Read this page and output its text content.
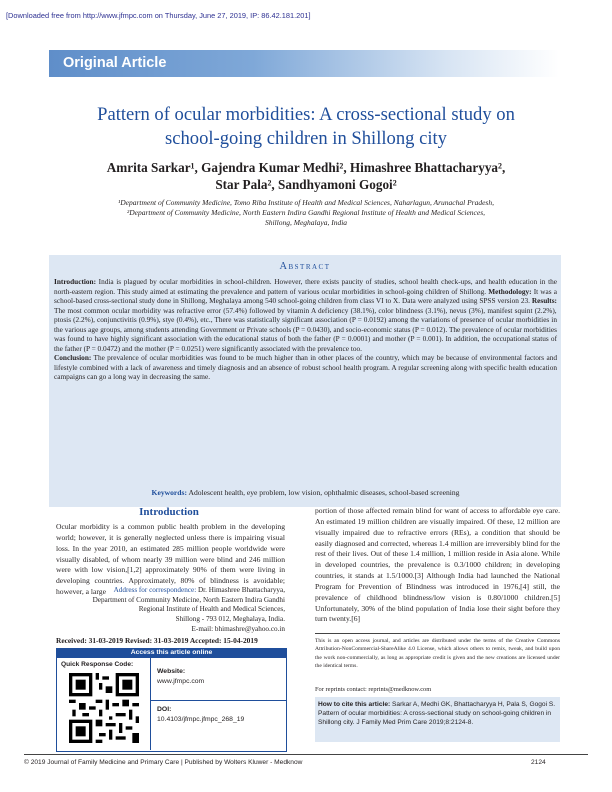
[Downloaded free from http://www.jfmpc.com on Thursday, June 27, 2019, IP: 86.42.181.201]
Original Article
Pattern of ocular morbidities: A cross-sectional study on
school-going children in Shillong city
Amrita Sarkar¹, Gajendra Kumar Medhi², Himashree Bhattacharyya²,
Star Pala², Sandhyamoni Gogoi²
¹Department of Community Medicine, Tomo Riba Institute of Health and Medical Sciences, Naharlagun, Arunachal Pradesh,
²Department of Community Medicine, North Eastern Indira Gandhi Regional Institute of Health and Medical Sciences,
Shillong, Meghalaya, India
Abstract
Introduction: India is plagued by ocular morbidities in school-children. However, there exists paucity of studies, school health check-ups, and health education in the north-eastern region. This study aimed at estimating the prevalence and pattern of various ocular morbidities in school-going children of Shillong. Methodology: It was a school-based cross-sectional study done in Shillong, Meghalaya among 540 school-going children from class VI to X. Data were analyzed using SPSS version 23. Results: The most common ocular morbidity was refractive error (57.4%) followed by vitamin A deficiency (38.1%), color blindness (3.1%), nevus (3%), manifest squint (2.2%), ptosis (2.2%), conjunctivitis (0.9%), stye (0.4%), etc., There was statistically significant association (P = 0.0192) among the variations of presence of ocular morbidities in the various age groups, among students attending Government or Private schools (P = 0.0430), and socio-economic status (P = 0.012). The prevalence of ocular morbidities was found to have highly significant association with the educational status of both the father (P = 0.0001) and mother (P = 0.001). In addition, the occupational status of the father (P = 0.0472) and the mother (P = 0.0251) were significantly associated with the prevalence too.
Conclusion: The prevalence of ocular morbidities was found to be much higher than in other places of the country, which may be because of environmental factors and lifestyle combined with a lack of awareness and timely diagnosis and an absence of robust school health program. A regular screening along with specific health education campaigns can go a long way in decreasing the same.
Keywords: Adolescent health, eye problem, low vision, ophthalmic diseases, school-based screening
Introduction
Ocular morbidity is a common public health problem in the developing world; however, it is generally neglected unless there is impairing visual loss. In the year 2010, an estimated 285 million people worldwide were visually disabled, of whom nearly 39 million were blind and 246 million were with low vision,[1,2] approximately 90% of them were living in developing countries. Approximately, 80% of blindness is avoidable; however, a large
portion of those affected remain blind for want of access to affordable eye care. An estimated 19 million children are visually impaired. Of these, 12 million are visually impaired due to refractive errors (REs), a condition that should be easily diagnosed and corrected, whereas 1.4 million are irreversibly blind for the rest of their lives. Out of these 1.4 million, 1 million reside in Asia alone. While in developed countries, the prevalence is 0.3/1000 children; in developing countries, it stands at 1.5/1000.[3] Although India had launched the National Program for Prevention of Blindness was introduced in 1976,[4] still, the prevalence of childhood blindness/low vision is 0.80/1000 children.[5] Unfortunately, 30% of the blind population of India lose their sight before they turn twenty.[6]
Address for correspondence: Dr. Himashree Bhattacharyya,
Department of Community Medicine, North Eastern Indira Gandhi
Regional Institute of Health and Medical Sciences,
Shillong - 793 012, Meghalaya, India.
E-mail: bhimashre@yahoo.co.in
Received: 31-03-2019 Revised: 31-03-2019 Accepted: 15-04-2019
Access this article online
Quick Response Code:
Website:
www.jfmpc.com
DOI:
10.4103/jfmpc.jfmpc_268_19
This is an open access journal, and articles are distributed under the terms of the Creative Commons Attribution-NonCommercial-ShareAlike 4.0 License, which allows others to remix, tweak, and build upon the work non-commercially, as long as appropriate credit is given and the new creations are licensed under the identical terms.
For reprints contact: reprints@medknow.com
How to cite this article: Sarkar A, Medhi GK, Bhattacharyya H, Pala S, Gogoi S. Pattern of ocular morbidities: A cross-sectional study on school-going children in Shillong city. J Family Med Prim Care 2019;8:2124-8.
© 2019 Journal of Family Medicine and Primary Care | Published by Wolters Kluwer - Medknow	2124
